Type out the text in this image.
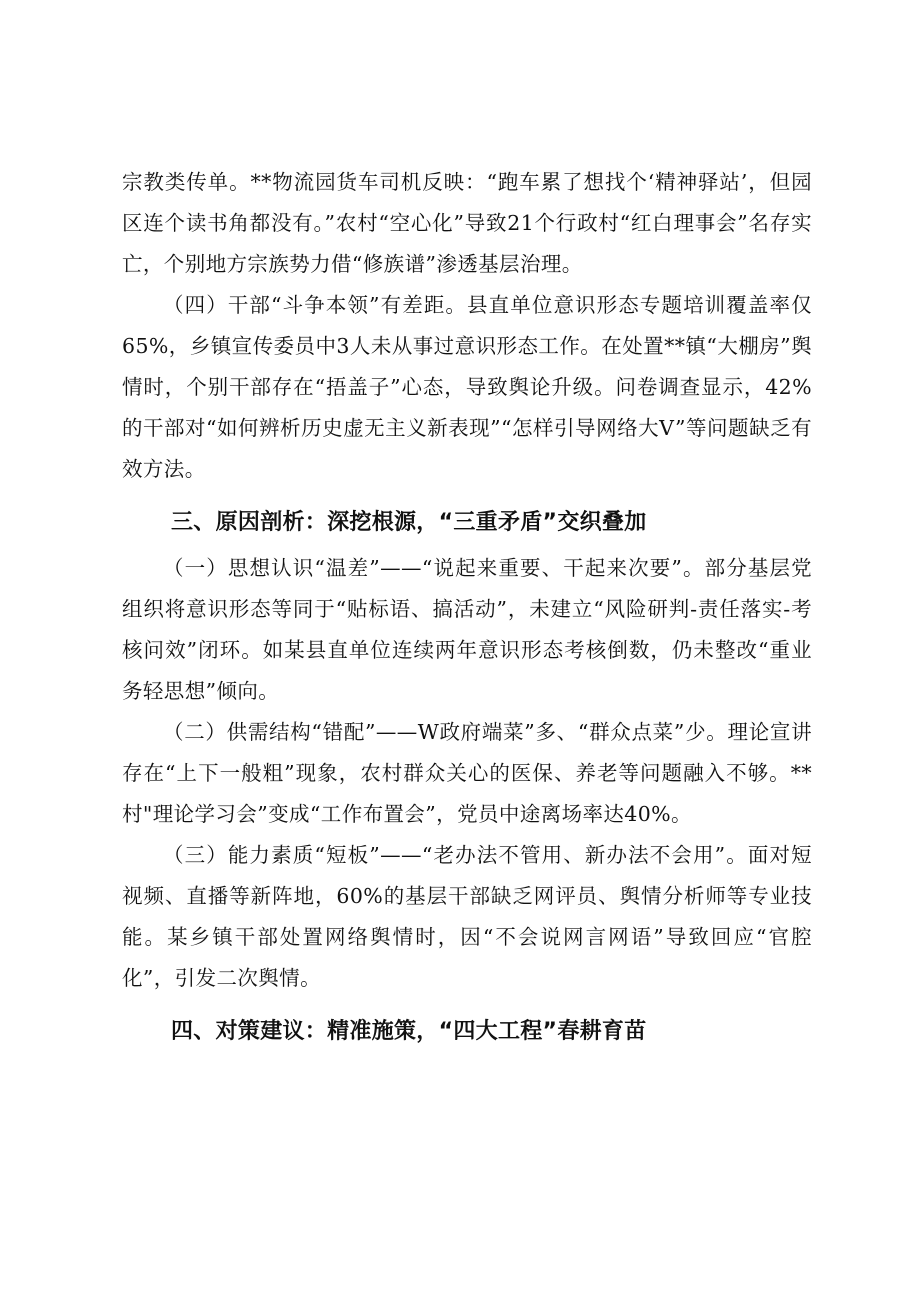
宗教类传单。**物流园货车司机反映：“跑车累了想找个‘精神驿站’，但园区连个读书角都没有。”农村“空心化”导致21个行政村“红白理事会”名存实亡，个别地方宗族势力借“修族谱”渗透基层治理。

（四）干部“斗争本领”有差距。县直单位意识形态专题培训覆盖率仅65%，乡镇宣传委员中3人未从事过意识形态工作。在处置**镇“大棚房”舆情时，个别干部存在“捂盖子”心态，导致舆论升级。问卷调查显示，42%的干部对“如何辨析历史虚无主义新表现”“怎样引导网络大V”等问题缺乏有效方法。

三、原因剖析：深挖根源，“三重矛盾”交织叠加

（一）思想认识“温差”——“说起来重要、干起来次要”。部分基层党组织将意识形态等同于“贴标语、搞活动”，未建立“风险研判-责任落实-考核问效”闭环。如某县直单位连续两年意识形态考核倒数，仍未整改“重业务轻思想”倾向。

（二）供需结构“错配”——W政府端菜”多、“群众点菜”少。理论宣讲存在“上下一般粗”现象，农村群众关心的医保、养老等问题融入不够。**村"理论学习会”变成“工作布置会”，党员中途离场率达40%。

（三）能力素质“短板”——“老办法不管用、新办法不会用”。面对短视频、直播等新阵地，60%的基层干部缺乏网评员、舆情分析师等专业技能。某乡镇干部处置网络舆情时，因“不会说网言网语”导致回应“官腔化”，引发二次舆情。

四、对策建议：精准施策，“四大工程”春耕育苗
